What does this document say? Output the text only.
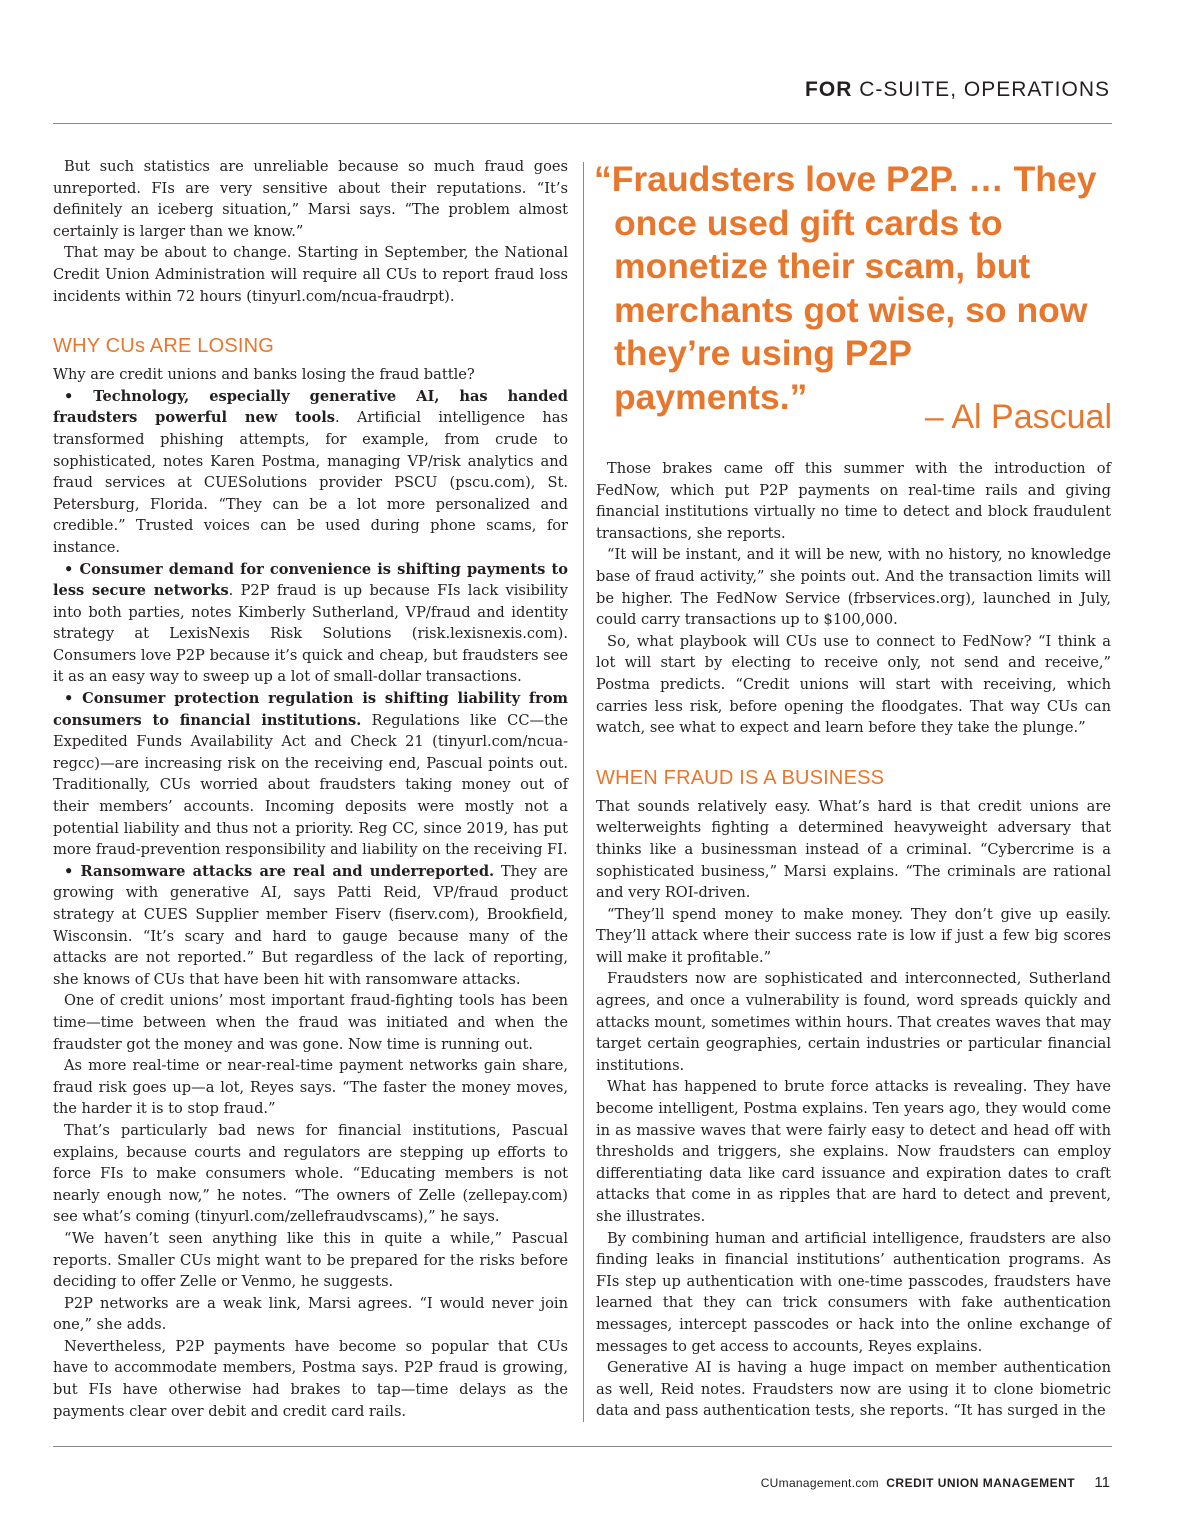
FOR C-SUITE, OPERATIONS

But such statistics are unreliable because so much fraud goes unreported. FIs are very sensitive about their reputations. “It’s definitely an iceberg situation,” Marsi says. “The problem almost certainly is larger than we know.”

That may be about to change. Starting in September, the National Credit Union Administration will require all CUs to report fraud loss incidents within 72 hours (tinyurl.com/ncua-fraudrpt).

WHY CUs ARE LOSING

Why are credit unions and banks losing the fraud battle?

• Technology, especially generative AI, has handed fraudsters powerful new tools. Artificial intelligence has transformed phishing attempts, for example, from crude to sophisticated, notes Karen Postma, managing VP/risk analytics and fraud services at CUESolutions provider PSCU (pscu.com), St. Petersburg, Florida. “They can be a lot more personalized and credible.” Trusted voices can be used during phone scams, for instance.

• Consumer demand for convenience is shifting payments to less secure networks. P2P fraud is up because FIs lack visibility into both parties, notes Kimberly Sutherland, VP/fraud and identity strategy at LexisNexis Risk Solutions (risk.lexisnexis.com). Consumers love P2P because it’s quick and cheap, but fraudsters see it as an easy way to sweep up a lot of small-dollar transactions.

• Consumer protection regulation is shifting liability from consumers to financial institutions. Regulations like CC—the Expedited Funds Availability Act and Check 21 (tinyurl.com/ncua-regcc)—are increasing risk on the receiving end, Pascual points out. Traditionally, CUs worried about fraudsters taking money out of their members’ accounts. Incoming deposits were mostly not a potential liability and thus not a priority. Reg CC, since 2019, has put more fraud-prevention responsibility and liability on the receiving FI.

• Ransomware attacks are real and underreported. They are growing with generative AI, says Patti Reid, VP/fraud product strategy at CUES Supplier member Fiserv (fiserv.com), Brookfield, Wisconsin. “It’s scary and hard to gauge because many of the attacks are not reported.” But regardless of the lack of reporting, she knows of CUs that have been hit with ransomware attacks.

One of credit unions’ most important fraud-fighting tools has been time—time between when the fraud was initiated and when the fraudster got the money and was gone. Now time is running out.

As more real-time or near-real-time payment networks gain share, fraud risk goes up—a lot, Reyes says. “The faster the money moves, the harder it is to stop fraud.”

That’s particularly bad news for financial institutions, Pascual explains, because courts and regulators are stepping up efforts to force FIs to make consumers whole. “Educating members is not nearly enough now,” he notes. “The owners of Zelle (zellepay.com) see what’s coming (tinyurl.com/zellefraudvscams),” he says.

“We haven’t seen anything like this in quite a while,” Pascual reports. Smaller CUs might want to be prepared for the risks before deciding to offer Zelle or Venmo, he suggests.

P2P networks are a weak link, Marsi agrees. “I would never join one,” she adds.

Nevertheless, P2P payments have become so popular that CUs have to accommodate members, Postma says. P2P fraud is growing, but FIs have otherwise had brakes to tap—time delays as the payments clear over debit and credit card rails.

“Fraudsters love P2P. … They once used gift cards to monetize their scam, but merchants got wise, so now they’re using P2P payments.”
– Al Pascual

Those brakes came off this summer with the introduction of FedNow, which put P2P payments on real-time rails and giving financial institutions virtually no time to detect and block fraudulent transactions, she reports.

“It will be instant, and it will be new, with no history, no knowledge base of fraud activity,” she points out. And the transaction limits will be higher. The FedNow Service (frbservices.org), launched in July, could carry transactions up to $100,000.

So, what playbook will CUs use to connect to FedNow? “I think a lot will start by electing to receive only, not send and receive,” Postma predicts. “Credit unions will start with receiving, which carries less risk, before opening the floodgates. That way CUs can watch, see what to expect and learn before they take the plunge.”

WHEN FRAUD IS A BUSINESS

That sounds relatively easy. What’s hard is that credit unions are welterweights fighting a determined heavyweight adversary that thinks like a businessman instead of a criminal. “Cybercrime is a sophisticated business,” Marsi explains. “The criminals are rational and very ROI-driven.

“They’ll spend money to make money. They don’t give up easily. They’ll attack where their success rate is low if just a few big scores will make it profitable.”

Fraudsters now are sophisticated and interconnected, Sutherland agrees, and once a vulnerability is found, word spreads quickly and attacks mount, sometimes within hours. That creates waves that may target certain geographies, certain industries or particular financial institutions.

What has happened to brute force attacks is revealing. They have become intelligent, Postma explains. Ten years ago, they would come in as massive waves that were fairly easy to detect and head off with thresholds and triggers, she explains. Now fraudsters can employ differentiating data like card issuance and expiration dates to craft attacks that come in as ripples that are hard to detect and prevent, she illustrates.

By combining human and artificial intelligence, fraudsters are also finding leaks in financial institutions’ authentication programs. As FIs step up authentication with one-time passcodes, fraudsters have learned that they can trick consumers with fake authentication messages, intercept passcodes or hack into the online exchange of messages to get access to accounts, Reyes explains.

Generative AI is having a huge impact on member authentication as well, Reid notes. Fraudsters now are using it to clone biometric data and pass authentication tests, she reports. “It has surged in the

CUmanagement.com CREDIT UNION MANAGEMENT 11
